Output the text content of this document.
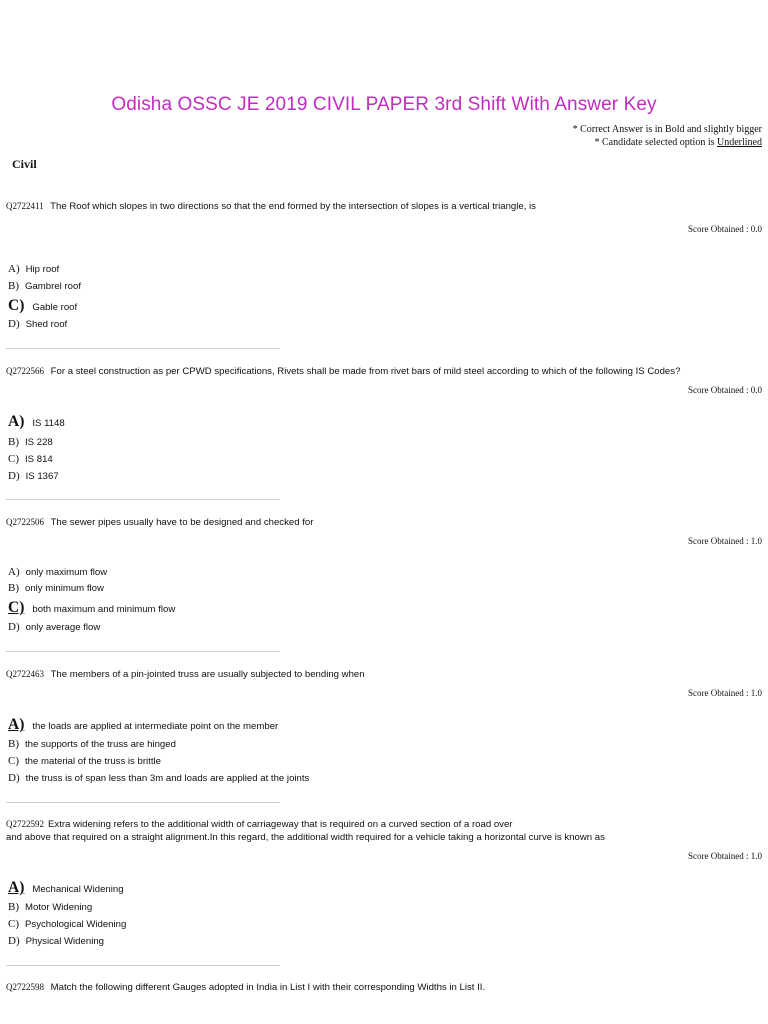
Odisha OSSC JE 2019 CIVIL PAPER 3rd Shift With Answer Key
* Correct Answer is in Bold and slightly bigger
* Candidate selected option is Underlined
Civil
Q2722411 The Roof which slopes in two directions so that the end formed by the intersection of slopes is a vertical triangle, is
Score Obtained : 0.0
A) Hip roof
B) Gambrel roof
C) Gable roof
D) Shed roof
Q2722566 For a steel construction as per CPWD specifications, Rivets shall be made from rivet bars of mild steel according to which of the following IS Codes?
Score Obtained : 0.0
A) IS 1148
B) IS 228
C) IS 814
D) IS 1367
Q2722506 The sewer pipes usually have to be designed and checked for
Score Obtained : 1.0
A) only maximum flow
B) only minimum flow
C) both maximum and minimum flow
D) only average flow
Q2722463 The members of a pin-jointed truss are usually subjected to bending when
Score Obtained : 1.0
A) the loads are applied at intermediate point on the member
B) the supports of the truss are hinged
C) the material of the truss is brittle
D) the truss is of span less than 3m and loads are applied at the joints
Q2722592 Extra widening refers to the additional width of carriageway that is required on a curved section of a road over
and above that required on a straight alignment.In this regard, the additional width required for a vehicle taking a horizontal curve is known as
Score Obtained : 1.0
A) Mechanical Widening
B) Motor Widening
C) Psychological Widening
D) Physical Widening
Q2722598 Match the following different Gauges adopted in India in List I with their corresponding Widths in List II.
